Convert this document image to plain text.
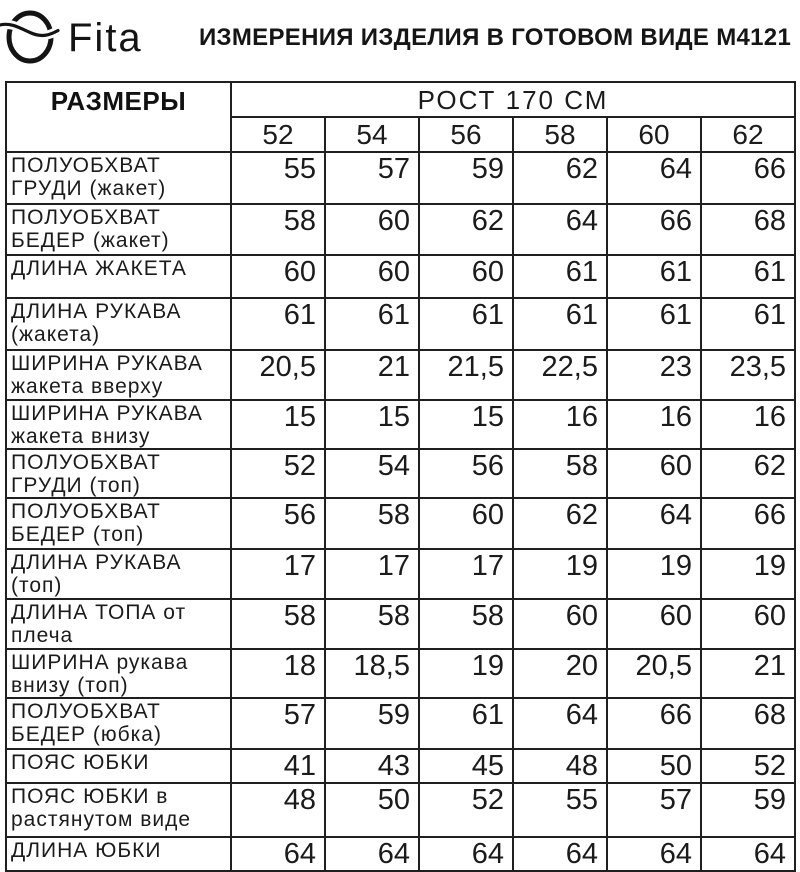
Fita ИЗМЕРЕНИЯ ИЗДЕЛИЯ В ГОТОВОМ ВИДЕ М4121
РАЗМЕРЫ	РОСТ 170 СМ					
	52	54	56	58	60	62
ПОЛУОБХВАТ ГРУДИ (жакет)	55	57	59	62	64	66
ПОЛУОБХВАТ БЕДЕР (жакет)	58	60	62	64	66	68
ДЛИНА ЖАКЕТА	60	60	60	61	61	61
ДЛИНА РУКАВА (жакета)	61	61	61	61	61	61
ШИРИНА РУКАВА жакета вверху	20,5	21	21,5	22,5	23	23,5
ШИРИНА РУКАВА жакета внизу	15	15	15	16	16	16
ПОЛУОБХВАТ ГРУДИ (топ)	52	54	56	58	60	62
ПОЛУОБХВАТ БЕДЕР (топ)	56	58	60	62	64	66
ДЛИНА РУКАВА (топ)	17	17	17	19	19	19
ДЛИНА ТОПА от плеча	58	58	58	60	60	60
ШИРИНА рукава внизу (топ)	18	18,5	19	20	20,5	21
ПОЛУОБХВАТ БЕДЕР (юбка)	57	59	61	64	66	68
ПОЯС ЮБКИ	41	43	45	48	50	52
ПОЯС ЮБКИ в растянутом виде	48	50	52	55	57	59
ДЛИНА ЮБКИ	64	64	64	64	64	64
